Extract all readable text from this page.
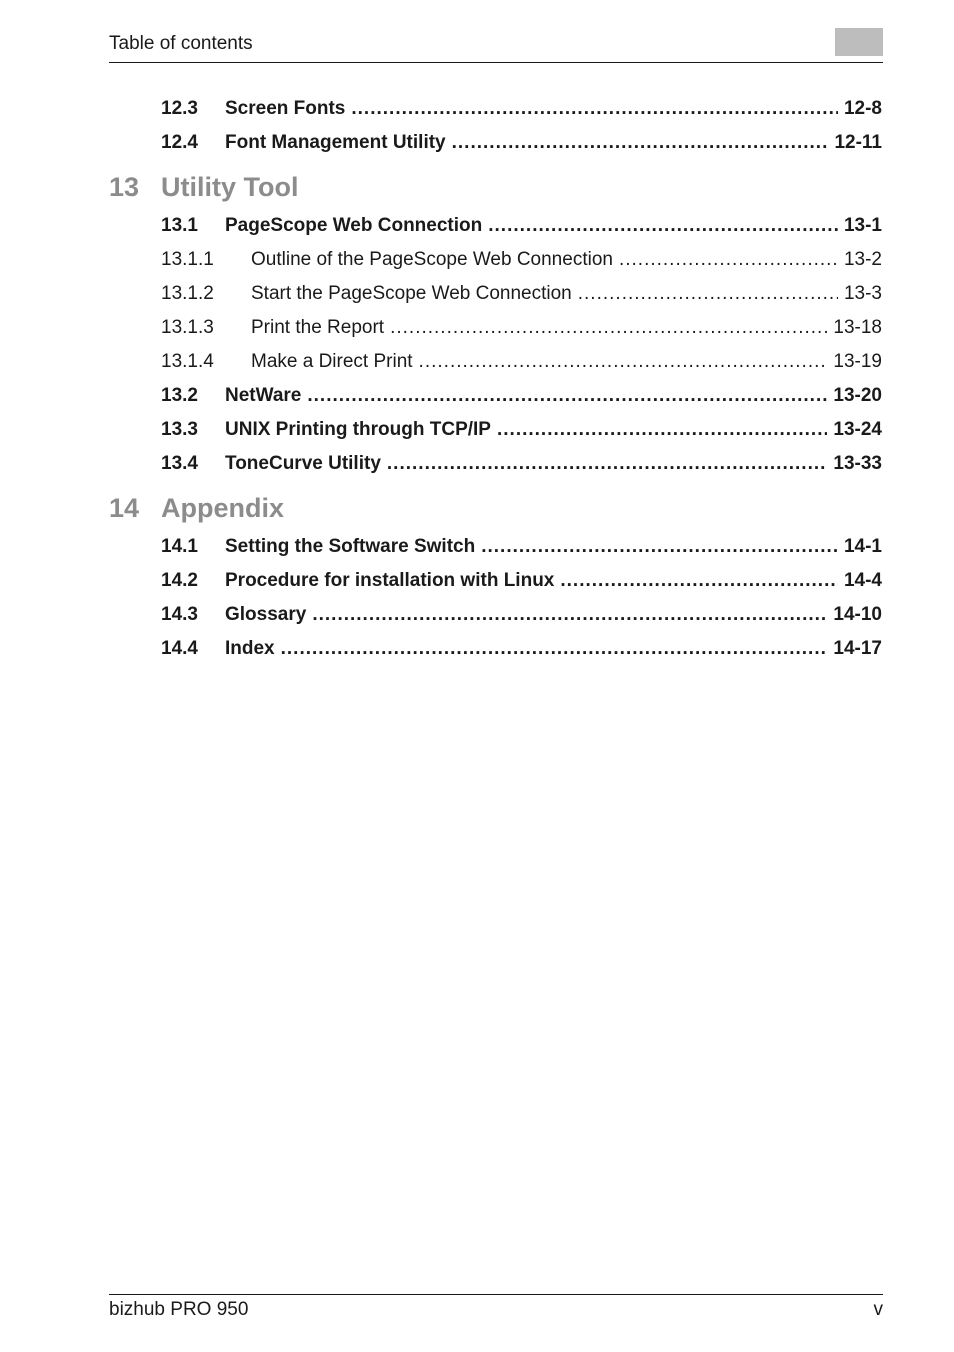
Table of contents
12.3	Screen Fonts .....	12-8
12.4	Font Management Utility .....	12-11
13 Utility Tool
13.1	PageScope Web Connection .....	13-1
13.1.1	Outline of the PageScope Web Connection .....	13-2
13.1.2	Start the PageScope Web Connection .....	13-3
13.1.3	Print the Report .....	13-18
13.1.4	Make a Direct Print .....	13-19
13.2	NetWare .....	13-20
13.3	UNIX Printing through TCP/IP .....	13-24
13.4	ToneCurve Utility .....	13-33
14 Appendix
14.1	Setting the Software Switch .....	14-1
14.2	Procedure for installation with Linux .....	14-4
14.3	Glossary .....	14-10
14.4	Index .....	14-17
bizhub PRO 950	v
